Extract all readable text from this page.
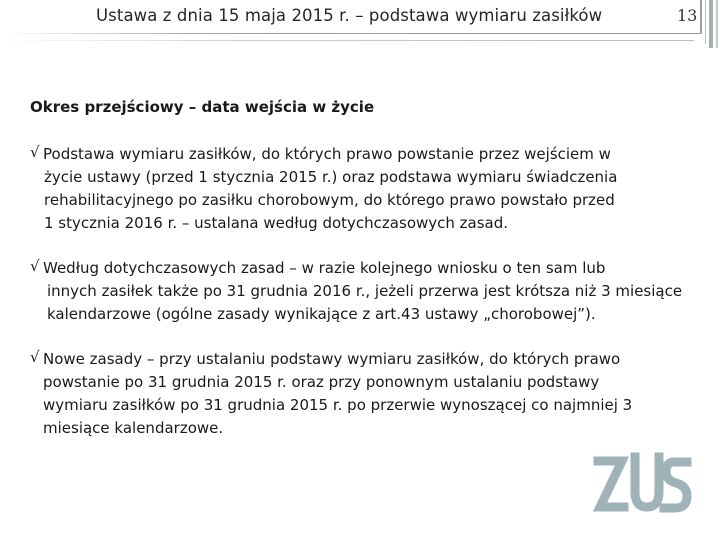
Ustawa z dnia 15 maja 2015 r. – podstawa wymiaru zasiłków	13
Okres przejściowy – data wejścia w życie
√ Podstawa wymiaru zasiłków, do których prawo powstanie przez wejściem w
życie ustawy (przed 1 stycznia 2015 r.) oraz podstawa wymiaru świadczenia
rehabilitacyjnego po zasiłku chorobowym, do którego prawo powstało przed
1 stycznia 2016 r. – ustalana według dotychczasowych zasad.
√ Według dotychczasowych zasad – w razie kolejnego wniosku o ten sam lub
innych zasiłek także po 31 grudnia 2016 r., jeżeli przerwa jest krótsza niż 3 miesiące
kalendarzowe (ogólne zasady wynikające z art.43 ustawy „chorobowej”).
√ Nowe zasady – przy ustalaniu podstawy wymiaru zasiłków, do których prawo
powstanie po 31 grudnia 2015 r. oraz przy ponownym ustalaniu podstawy
wymiaru zasiłków po 31 grudnia 2015 r. po przerwie wynoszącej co najmniej 3
miesiące kalendarzowe.
